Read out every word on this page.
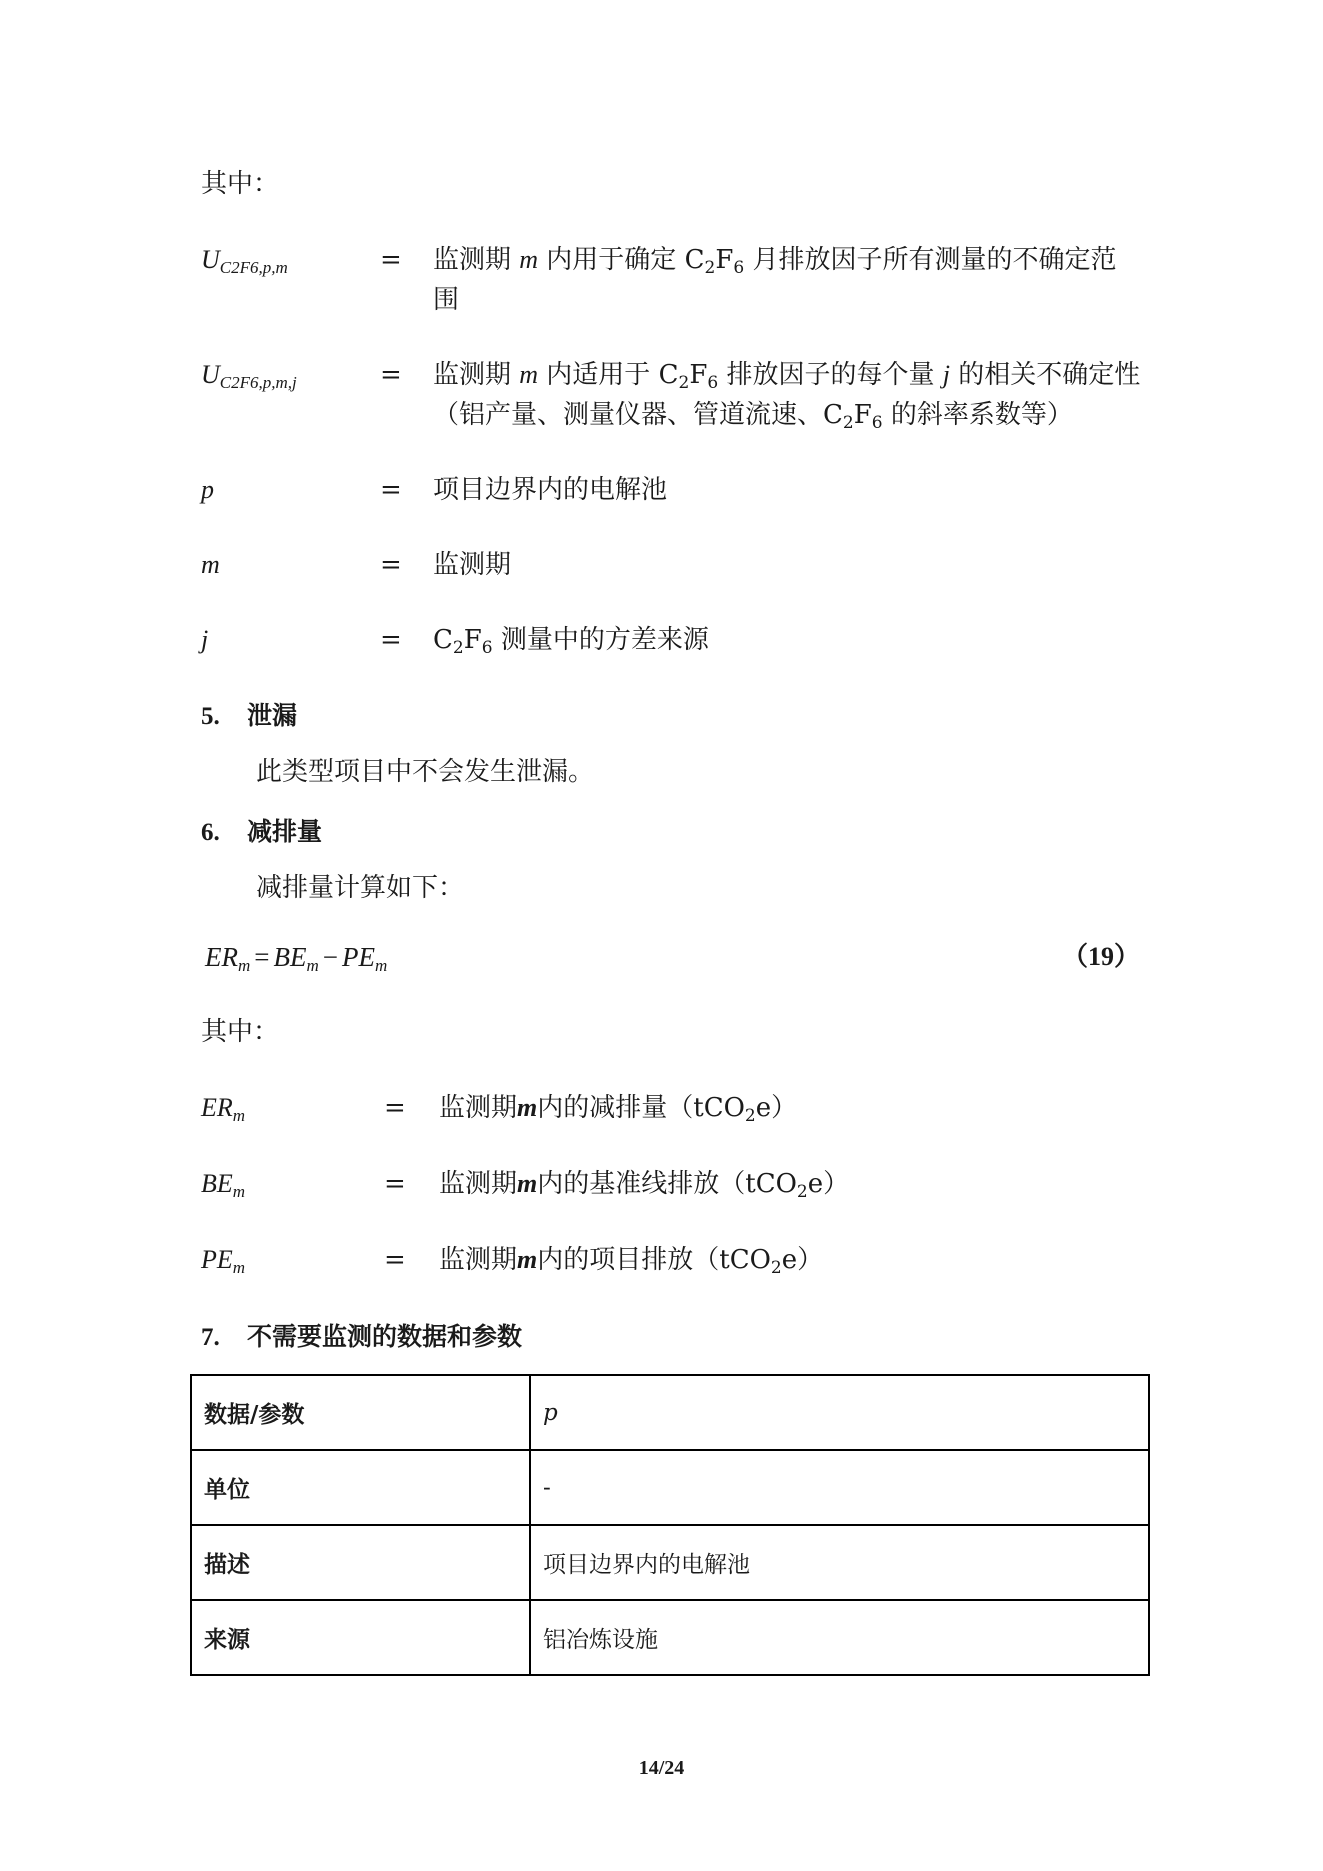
其中：
$U_{C2F6,p,m}$	= 监测期 m 内用于确定 $C_2F_6$ 月排放因子所有测量的不确定范
围
$U_{C2F6,p,m,j}$	= 监测期 m 内适用于 $C_2F_6$ 排放因子的每个量 j 的相关不确定性
（铝产量、测量仪器、管道流速、$C_2F_6$ 的斜率系数等）
p	= 项目边界内的电解池
m	= 监测期
j	= $C_2F_6$ 测量中的方差来源
5. 泄漏
此类型项目中不会发生泄漏。
6. 减排量
减排量计算如下：
$ER_m = BE_m - PE_m$	（19）
其中：
$ER_m$	= 监测期m内的减排量（tCO$_2$e）
$BE_m$	= 监测期m内的基准线排放（tCO$_2$e）
$PE_m$	= 监测期m内的项目排放（tCO$_2$e）
7. 不需要监测的数据和参数
数据/参数	p
单位	-
描述	项目边界内的电解池
来源	铝冶炼设施
14/24
